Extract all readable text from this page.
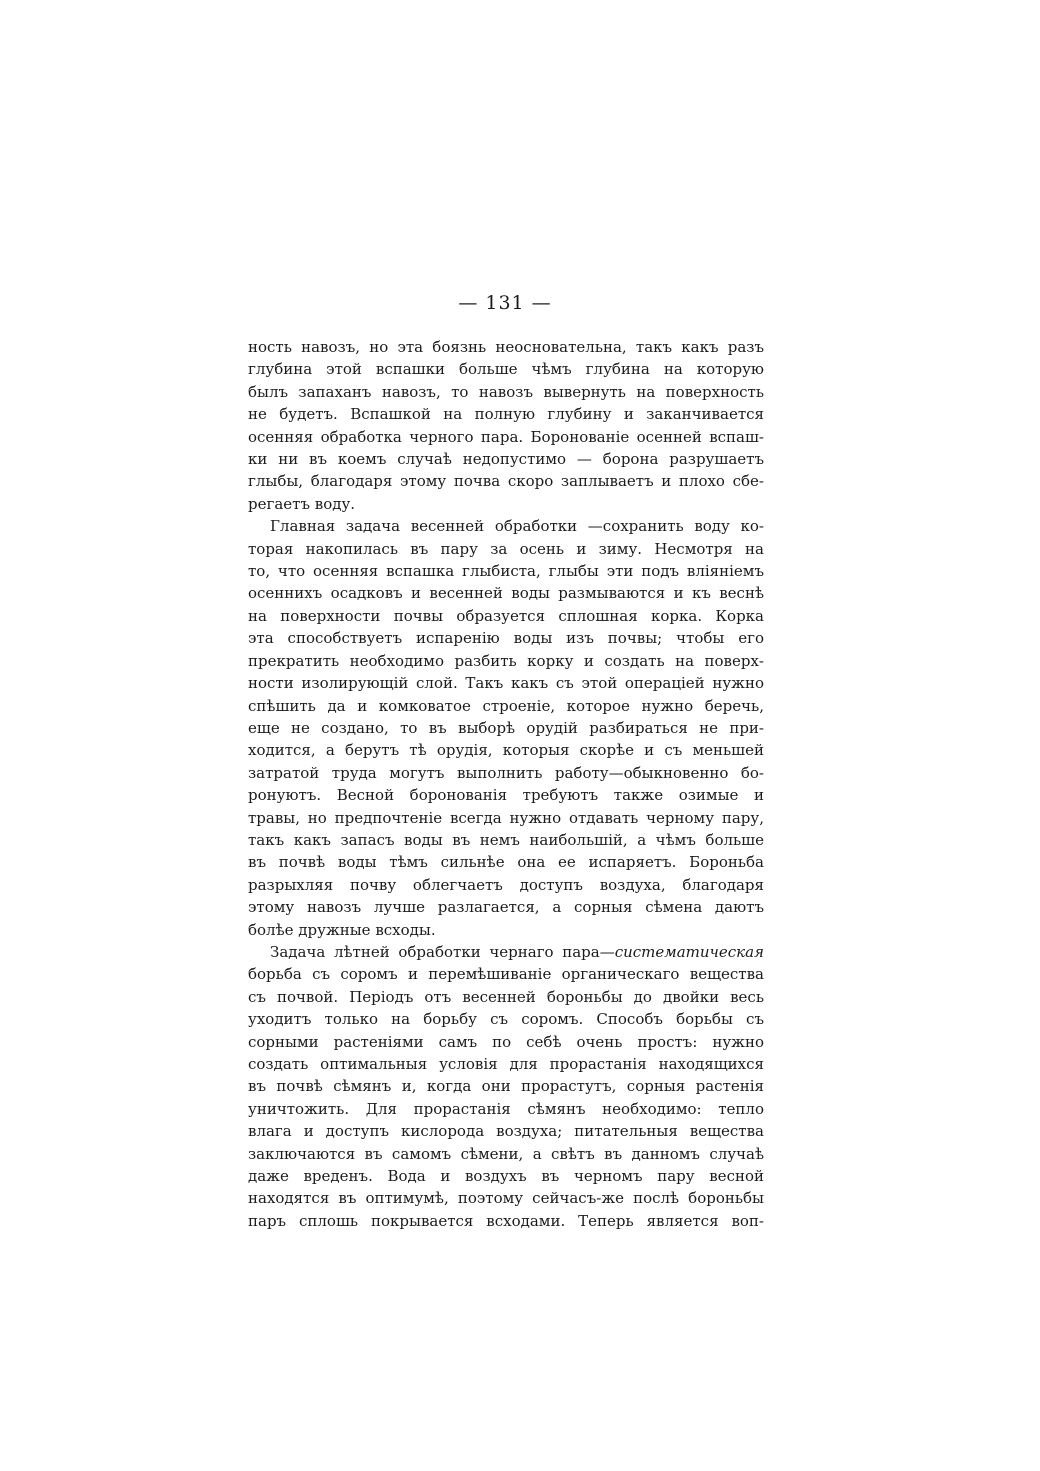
— 131 —

ность навозъ, но эта боязнь неосновательна, такъ какъ разъ
глубина этой вспашки больше чѣмъ глубина на которую
былъ запаханъ навозъ, то навозъ вывернуть на поверхность
не будетъ. Вспашкой на полную глубину и заканчивается
осенняя обработка черного пара. Боронованіе осенней вспаш-
ки ни въ коемъ случаѣ недопустимо — борона разрушаетъ
глыбы, благодаря этому почва скоро заплываетъ и плохо сбе-
регаетъ воду.

Главная задача весенней обработки —сохранить воду ко-
торая накопилась въ пару за осень и зиму. Несмотря на
то, что осенняя вспашка глыбиста, глыбы эти подъ вліяніемъ
осеннихъ осадковъ и весенней воды размываются и къ веснѣ
на поверхности почвы образуется сплошная корка. Корка
эта способствуетъ испаренію воды изъ почвы; чтобы его
прекратить необходимо разбить корку и создать на поверх-
ности изолирующій слой. Такъ какъ съ этой операціей нужно
спѣшить да и комковатое строеніе, которое нужно беречь,
еще не создано, то въ выборѣ орудій разбираться не при-
ходится, а берутъ тѣ орудія, которыя скорѣе и съ меньшей
затратой труда могутъ выполнить работу—обыкновенно бо-
ронуютъ. Весной боронованія требуютъ также озимые и
травы, но предпочтеніе всегда нужно отдавать черному пару,
такъ какъ запасъ воды въ немъ наибольшій, а чѣмъ больше
въ почвѣ воды тѣмъ сильнѣе она ее испаряетъ. Бороньба
разрыхляя почву облегчаетъ доступъ воздуха, благодаря
этому навозъ лучше разлагается, а сорныя сѣмена даютъ
болѣе дружные всходы.

Задача лѣтней обработки чернаго пара—систематическая
борьба съ соромъ и перемѣшиваніе органическаго вещества
съ почвой. Періодъ отъ весенней бороньбы до двойки весь
уходитъ только на борьбу съ соромъ. Способъ борьбы съ
сорными растеніями самъ по себѣ очень простъ: нужно
создать оптимальныя условія для прорастанія находящихся
въ почвѣ сѣмянъ и, когда они прорастутъ, сорныя растенія
уничтожить. Для прорастанія сѣмянъ необходимо: тепло
влага и доступъ кислорода воздуха; питательныя вещества
заключаются въ самомъ сѣмени, а свѣтъ въ данномъ случаѣ
даже вреденъ. Вода и воздухъ въ черномъ пару весной
находятся въ оптимумѣ, поэтому сейчасъ-же послѣ бороньбы
паръ сплошь покрывается всходами. Теперь является воп-
